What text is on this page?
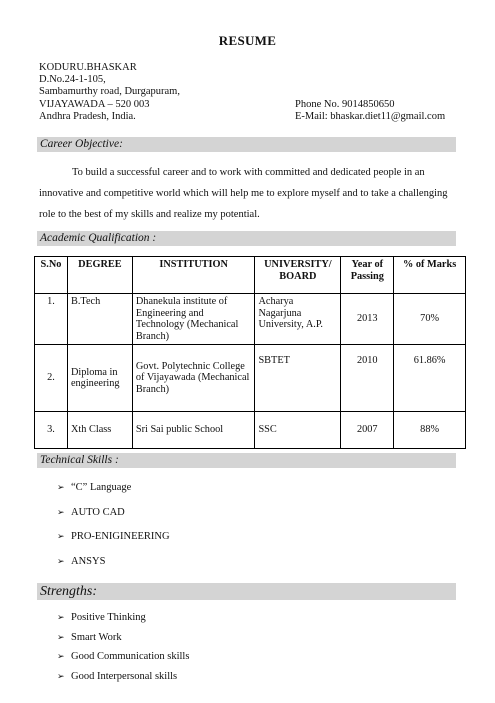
RESUME
KODURU.BHASKAR
D.No.24-1-105,
Sambamurthy road, Durgapuram,
VIJAYAWADA – 520 003
Andhra Pradesh, India.
Phone No. 9014850650
E-Mail: bhaskar.diet11@gmail.com
Career Objective:
To build a successful career and to work with committed and dedicated people in an innovative and competitive world which will help me to explore myself and to take a challenging role to the best of my skills and realize my potential.
Academic Qualification :
S.No	DEGREE	INSTITUTION	UNIVERSITY/ BOARD	Year of Passing	% of Marks
1.	B.Tech	Dhanekula institute of Engineering and Technology (Mechanical Branch)	Acharya Nagarjuna University, A.P.	2013	70%
2.	Diploma in engineering	Govt. Polytechnic College of Vijayawada (Mechanical Branch)	SBTET	2010	61.86%
3.	Xth Class	Sri Sai public School	SSC	2007	88%
Technical Skills :
➢ “C” Language
➢ AUTO CAD
➢ PRO-ENIGINEERING
➢ ANSYS
Strengths:
➢ Positive Thinking
➢ Smart Work
➢ Good Communication skills
➢ Good Interpersonal skills
